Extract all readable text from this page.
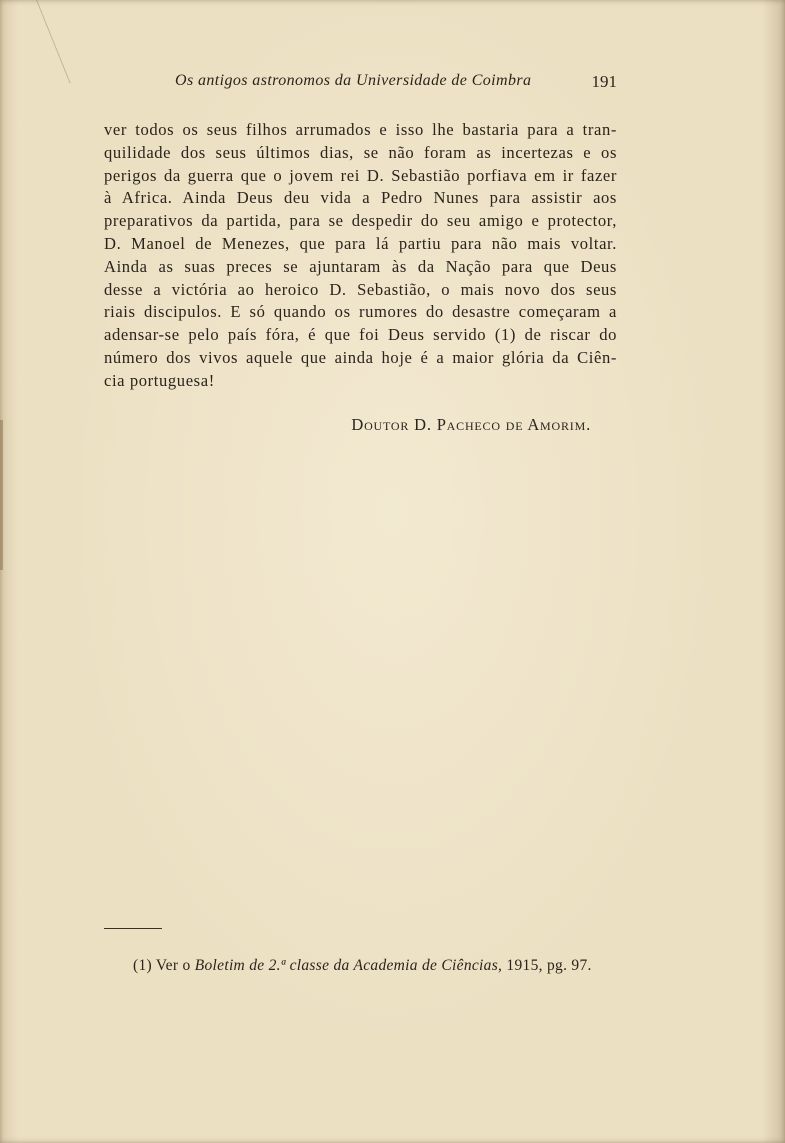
Os antigos astronomos da Universidade de Coimbra	191
ver todos os seus filhos arrumados e isso lhe bastaria para a tran-
quilidade dos seus últimos dias, se não foram as incertezas e os
perigos da guerra que o jovem rei D. Sebastião porfiava em ir fazer
à Africa. Ainda Deus deu vida a Pedro Nunes para assistir aos
preparativos da partida, para se despedir do seu amigo e protector,
D. Manoel de Menezes, que para lá partiu para não mais voltar.
Ainda as suas preces se ajuntaram às da Nação para que Deus
desse a victória ao heroico D. Sebastião, o mais novo dos seus
riais discipulos. E só quando os rumores do desastre começaram a
adensar-se pelo país fóra, é que foi Deus servido (1) de riscar do
número dos vivos aquele que ainda hoje é a maior glória da Ciên-
cia portuguesa!
Doutor D. Pacheco de Amorim.
(1) Ver o Boletim de 2.ª classe da Academia de Ciências, 1915, pg. 97.
